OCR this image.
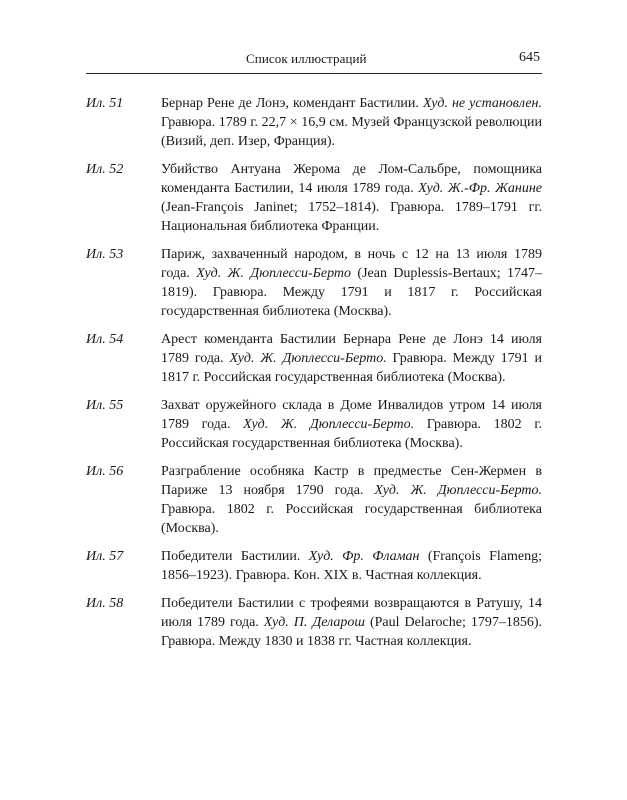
Список иллюстраций	645
Ил. 51	Бернар Рене де Лонэ, комендант Бастилии. Худ. не установлен. Гравюра. 1789 г. 22,7 × 16,9 см. Музей Французской революции (Визий, деп. Изер, Франция).
Ил. 52	Убийство Антуана Жерома де Лом-Сальбре, помощника коменданта Бастилии, 14 июля 1789 года. Худ. Ж.-Фр. Жанине (Jean-François Janinet; 1752–1814). Гравюра. 1789–1791 гг. Национальная библиотека Франции.
Ил. 53	Париж, захваченный народом, в ночь с 12 на 13 июля 1789 года. Худ. Ж. Дюплесси-Берто (Jean Duplessis-Bertaux; 1747–1819). Гравюра. Между 1791 и 1817 г. Российская государственная библиотека (Москва).
Ил. 54	Арест коменданта Бастилии Бернара Рене де Лонэ 14 июля 1789 года. Худ. Ж. Дюплесси-Берто. Гравюра. Между 1791 и 1817 г. Российская государственная библиотека (Москва).
Ил. 55	Захват оружейного склада в Доме Инвалидов утром 14 июля 1789 года. Худ. Ж. Дюплесси-Берто. Гравюра. 1802 г. Российская государственная библиотека (Москва).
Ил. 56	Разграбление особняка Кастр в предместье Сен-Жермен в Париже 13 ноября 1790 года. Худ. Ж. Дюплесси-Берто. Гравюра. 1802 г. Российская государственная библиотека (Москва).
Ил. 57	Победители Бастилии. Худ. Фр. Фламан (François Flameng; 1856–1923). Гравюра. Кон. XIX в. Частная коллекция.
Ил. 58	Победители Бастилии с трофеями возвращаются в Ратушу, 14 июля 1789 года. Худ. П. Деларош (Paul Delaroche; 1797–1856). Гравюра. Между 1830 и 1838 гг. Частная коллекция.
